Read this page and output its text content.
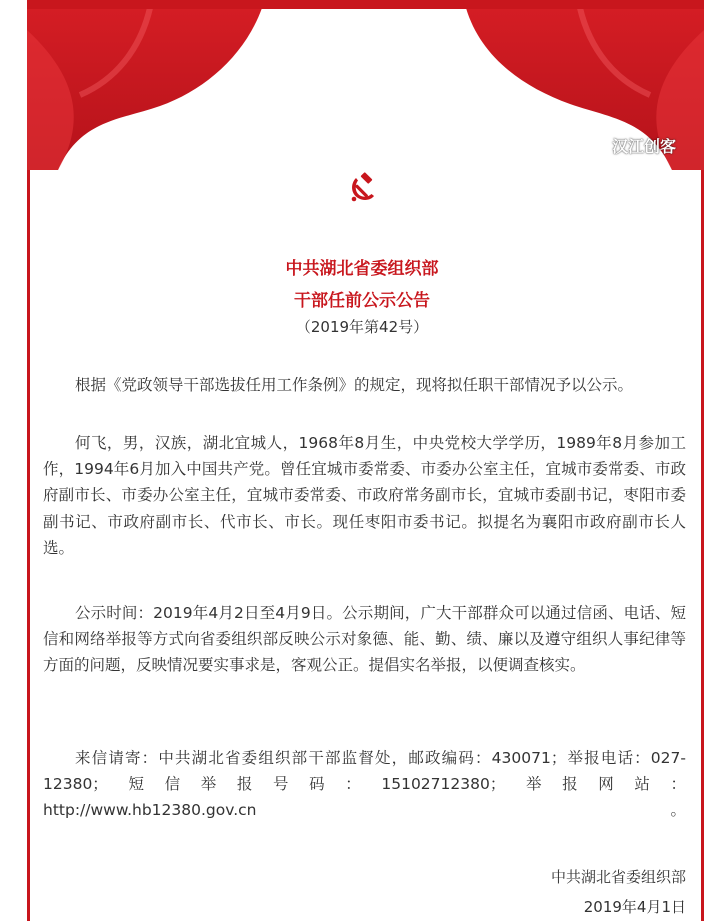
汉江创客
中共湖北省委组织部
干部任前公示公告
（2019年第42号）

根据《党政领导干部选拔任用工作条例》的规定，现将拟任职干部情况予以公示。

何飞，男，汉族，湖北宜城人，1968年8月生，中央党校大学学历，1989年8月参加工作，1994年6月加入中国共产党。曾任宜城市委常委、市委办公室主任，宜城市委常委、市政府副市长、市委办公室主任，宜城市委常委、市政府常务副市长，宜城市委副书记，枣阳市委副书记、市政府副市长、代市长、市长。现任枣阳市委书记。拟提名为襄阳市政府副市长人选。

公示时间：2019年4月2日至4月9日。公示期间，广大干部群众可以通过信函、电话、短信和网络举报等方式向省委组织部反映公示对象德、能、勤、绩、廉以及遵守组织人事纪律等方面的问题，反映情况要实事求是，客观公正。提倡实名举报，以便调查核实。

来信请寄：中共湖北省委组织部干部监督处，邮政编码：430071；举报电话：027-12380；短信举报号码：15102712380；举报网站：
http://www.hb12380.gov.cn。

中共湖北省委组织部
2019年4月1日
